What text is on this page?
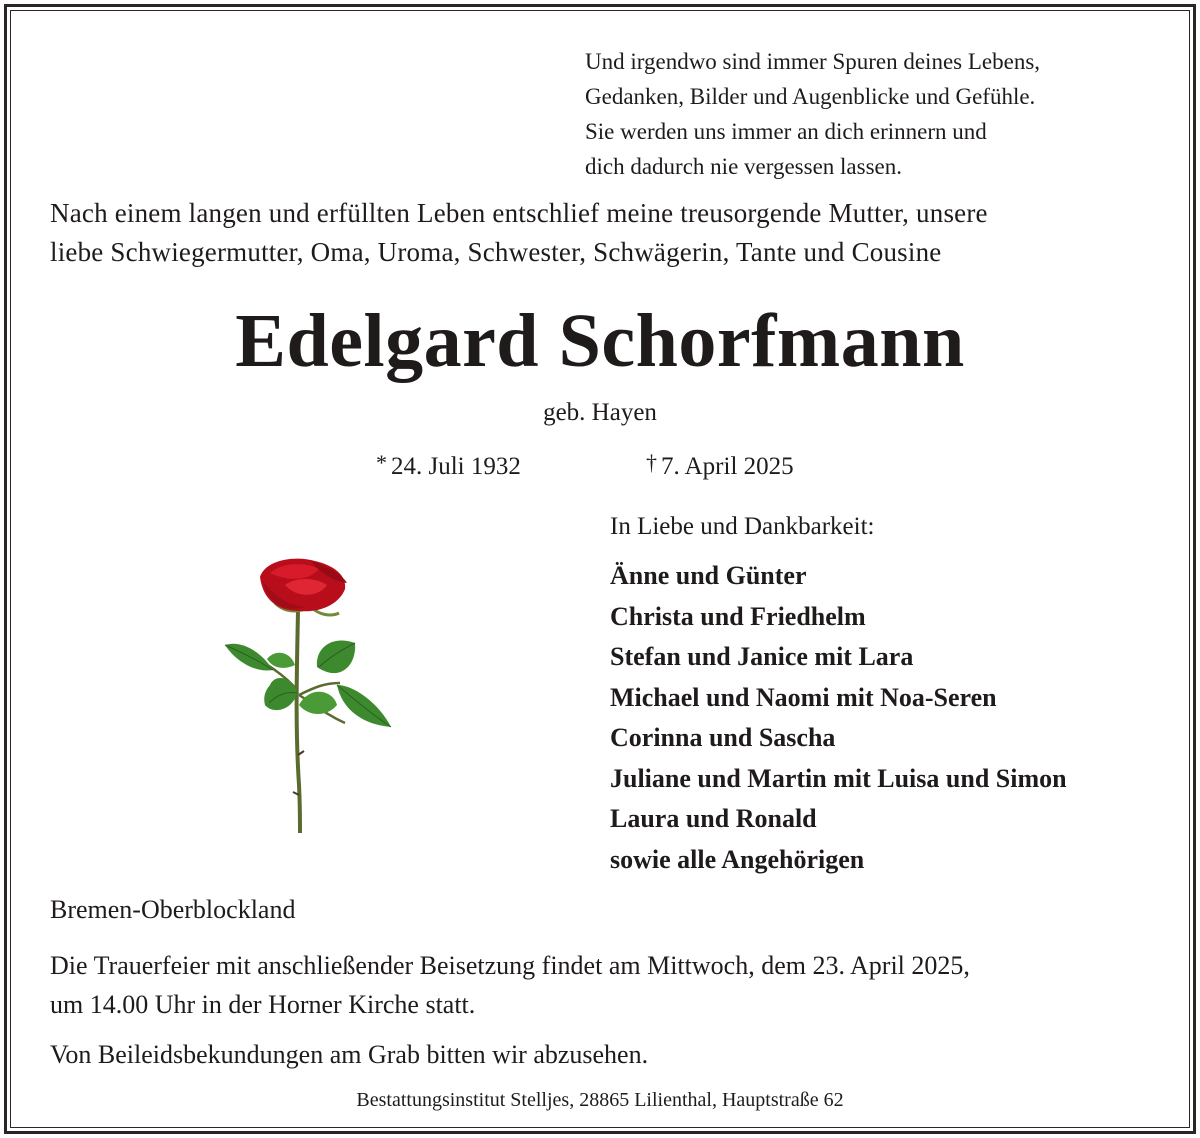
Und irgendwo sind immer Spuren deines Lebens,
Gedanken, Bilder und Augenblicke und Gefühle.
Sie werden uns immer an dich erinnern und
dich dadurch nie vergessen lassen.
Nach einem langen und erfüllten Leben entschlief meine treusorgende Mutter, unsere
liebe Schwiegermutter, Oma, Uroma, Schwester, Schwägerin, Tante und Cousine
Edelgard Schorfmann
geb. Hayen
* 24. Juli 1932	† 7. April 2025
In Liebe und Dankbarkeit:
Änne und Günter
Christa und Friedhelm
Stefan und Janice mit Lara
Michael und Naomi mit Noa-Seren
Corinna und Sascha
Juliane und Martin mit Luisa und Simon
Laura und Ronald
sowie alle Angehörigen
Bremen-Oberblockland
Die Trauerfeier mit anschließender Beisetzung findet am Mittwoch, dem 23. April 2025,
um 14.00 Uhr in der Horner Kirche statt.
Von Beileidsbekundungen am Grab bitten wir abzusehen.
Bestattungsinstitut Stelljes, 28865 Lilienthal, Hauptstraße 62
